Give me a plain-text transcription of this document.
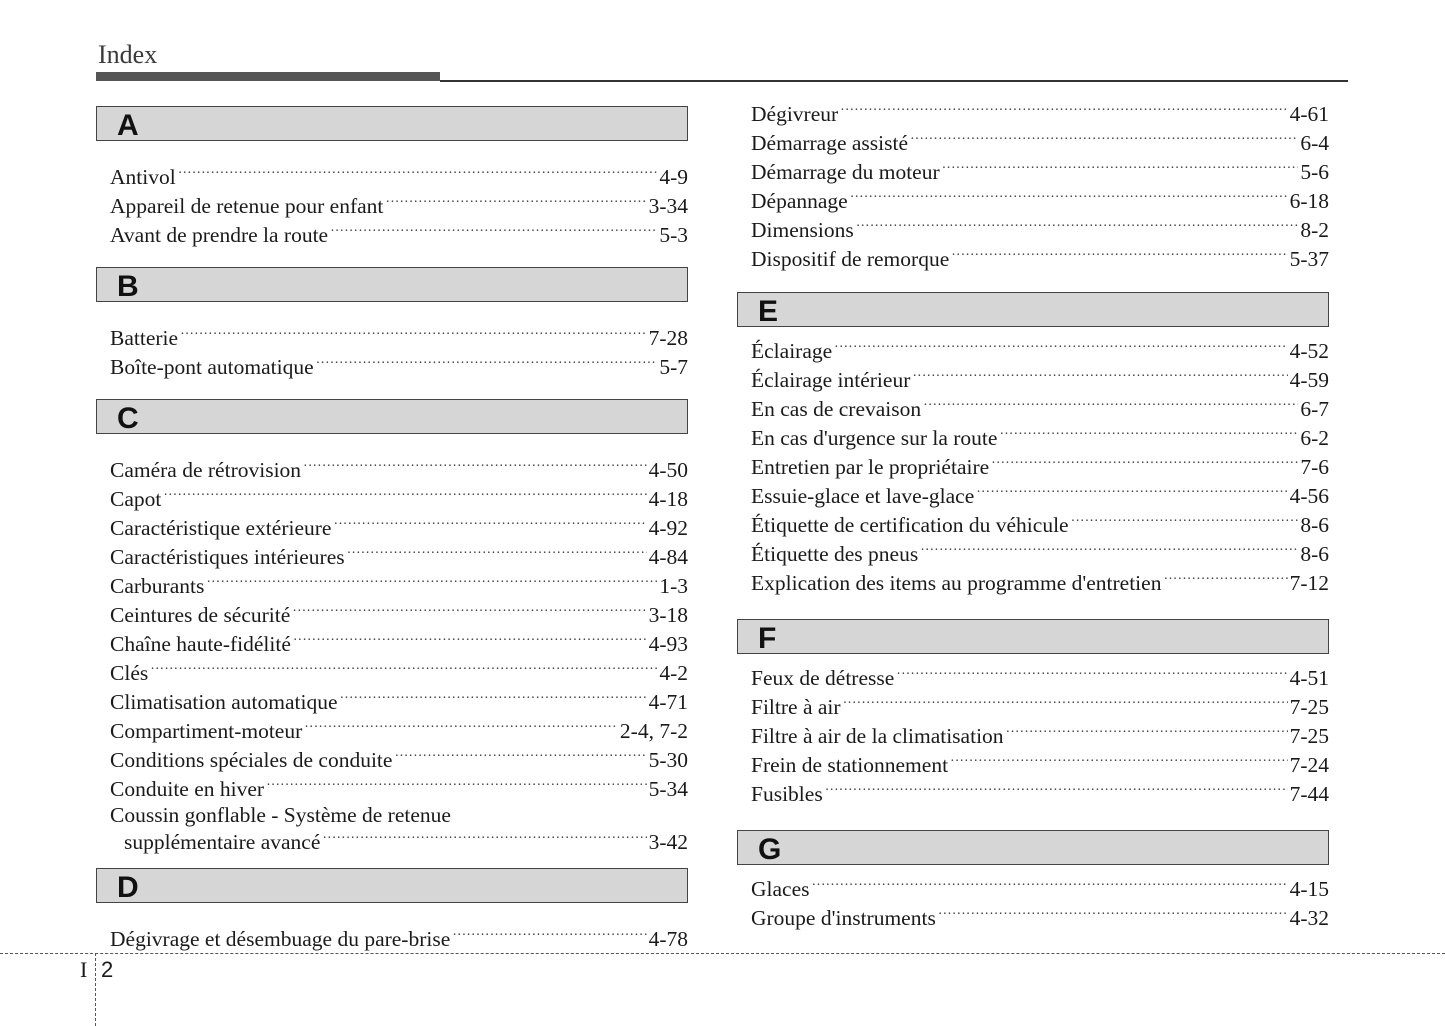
Index
A
Antivol ·····	4-9
Appareil de retenue pour enfant ·····	3-34
Avant de prendre la route ·····	5-3
B
Batterie ·····	7-28
Boîte-pont automatique ·····	5-7
C
Caméra de rétrovision ·····	4-50
Capot ·····	4-18
Caractéristique extérieure ·····	4-92
Caractéristiques intérieures ·····	4-84
Carburants ·····	1-3
Ceintures de sécurité ·····	3-18
Chaîne haute-fidélité ·····	4-93
Clés ·····	4-2
Climatisation automatique ·····	4-71
Compartiment-moteur ·····	2-4, 7-2
Conditions spéciales de conduite ·····	5-30
Conduite en hiver ·····	5-34
Coussin gonflable - Système de retenue
supplémentaire avancé ·····	3-42
D
Dégivrage et désembuage du pare-brise ·····	4-78
Dégivreur ·····	4-61
Démarrage assisté ·····	6-4
Démarrage du moteur ·····	5-6
Dépannage ·····	6-18
Dimensions ·····	8-2
Dispositif de remorque ·····	5-37
E
Éclairage ·····	4-52
Éclairage intérieur ·····	4-59
En cas de crevaison ·····	6-7
En cas d'urgence sur la route ·····	6-2
Entretien par le propriétaire ·····	7-6
Essuie-glace et lave-glace ·····	4-56
Étiquette de certification du véhicule ·····	8-6
Étiquette des pneus ·····	8-6
Explication des items au programme d'entretien ·····	7-12
F
Feux de détresse ·····	4-51
Filtre à air ·····	7-25
Filtre à air de la climatisation ·····	7-25
Frein de stationnement ·····	7-24
Fusibles ·····	7-44
G
Glaces ·····	4-15
Groupe d'instruments ·····	4-32
I 2
